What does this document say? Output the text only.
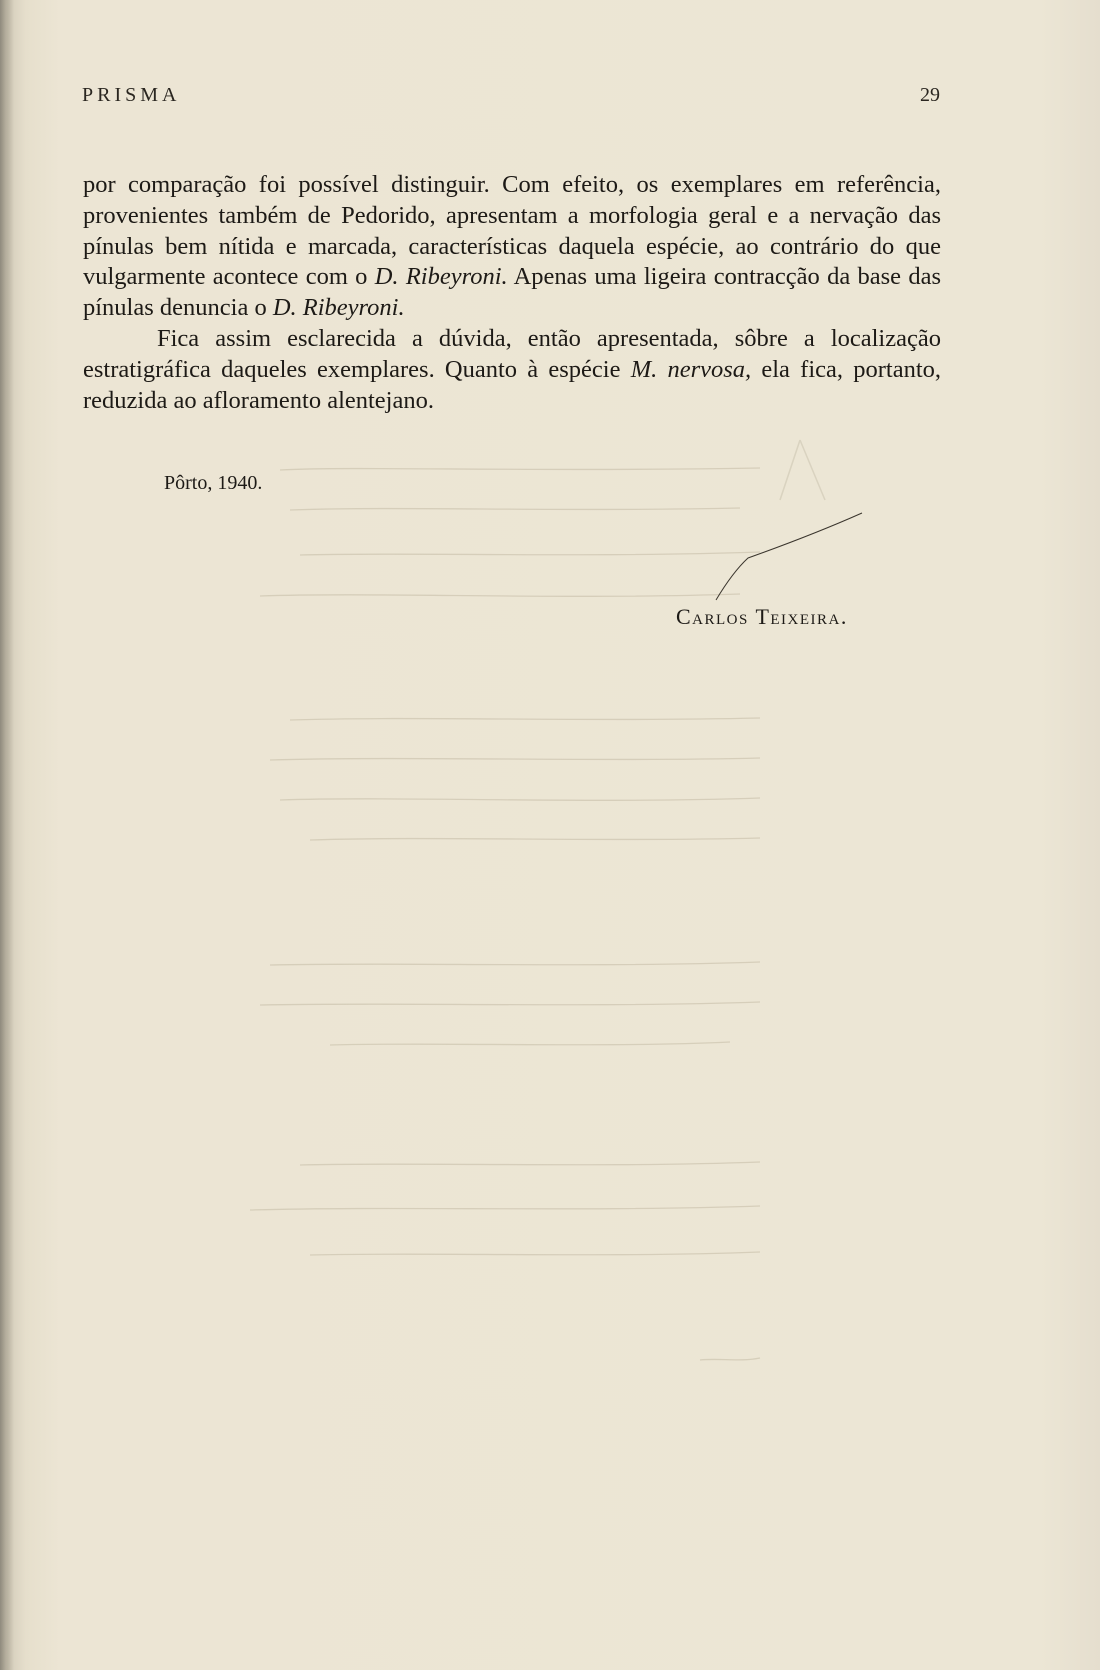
PRISMA	29

por comparação foi possível distinguir. Com efeito, os exemplares em referência, provenientes também de Pedorido, apresentam a morfologia geral e a nervação das pínulas bem nítida e marcada, características daquela espécie, ao contrário do que vulgarmente acontece com o D. Ribeyroni. Apenas uma ligeira contracção da base das pínulas denuncia o D. Ribeyroni.

Fica assim esclarecida a dúvida, então apresentada, sôbre a localização estratigráfica daqueles exemplares. Quanto à espécie M. nervosa, ela fica, portanto, reduzida ao afloramento alentejano.

Pôrto, 1940.
Carlos Teixeira.
